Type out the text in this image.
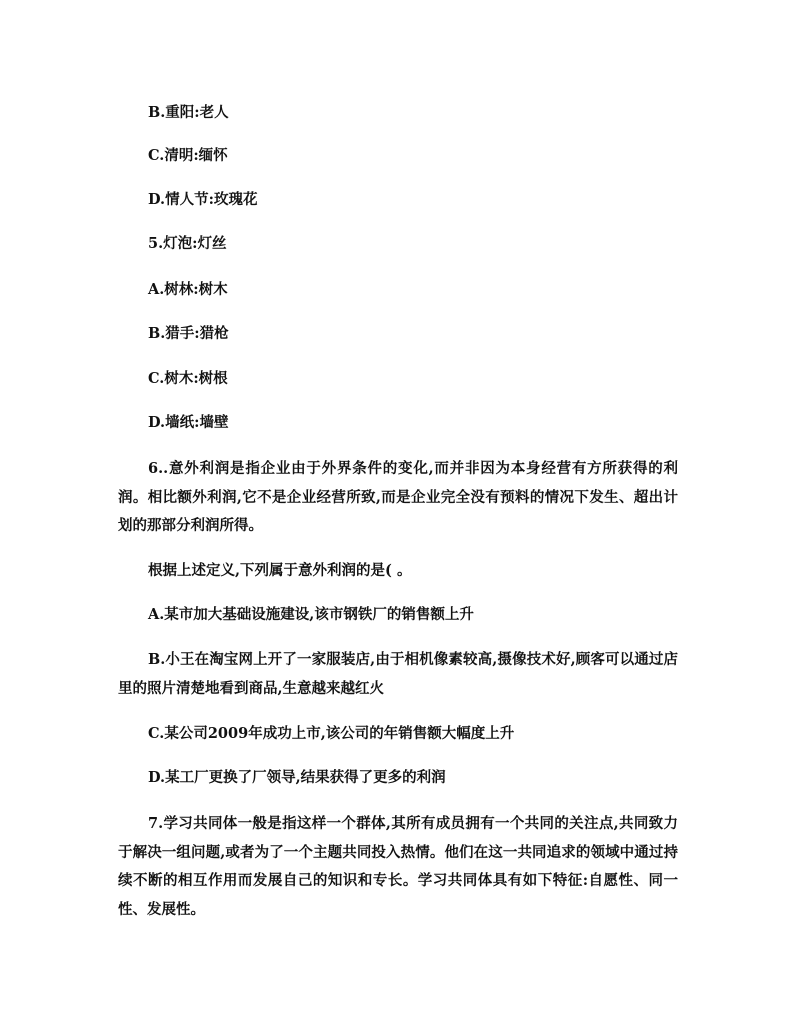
B.重阳:老人
C.清明:缅怀
D.情人节:玫瑰花
5.灯泡:灯丝
A.树林:树木
B.猎手:猎枪
C.树木:树根
D.墙纸:墙壁
6..意外利润是指企业由于外界条件的变化,而并非因为本身经营有方所获得的利润。相比额外利润,它不是企业经营所致,而是企业完全没有预料的情况下发生、超出计划的那部分利润所得。
根据上述定义,下列属于意外利润的是( 。
A.某市加大基础设施建设,该市钢铁厂的销售额上升
B.小王在淘宝网上开了一家服装店,由于相机像素较高,摄像技术好,顾客可以通过店里的照片清楚地看到商品,生意越来越红火
C.某公司2009年成功上市,该公司的年销售额大幅度上升
D.某工厂更换了厂领导,结果获得了更多的利润
7.学习共同体一般是指这样一个群体,其所有成员拥有一个共同的关注点,共同致力于解决一组问题,或者为了一个主题共同投入热情。他们在这一共同追求的领域中通过持续不断的相互作用而发展自己的知识和专长。学习共同体具有如下特征:自愿性、同一性、发展性。
